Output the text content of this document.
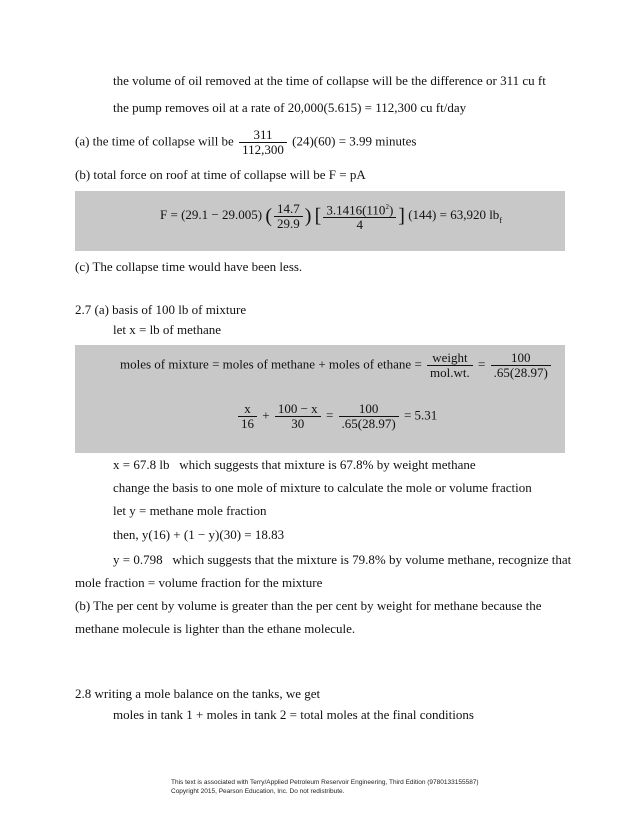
the volume of oil removed at the time of collapse will be the difference or 311 cu ft
the pump removes oil at a rate of 20,000(5.615) = 112,300 cu ft/day
(a) the time of collapse will be $\frac{311}{112,300} (24)(60) = 3.99$ minutes
(b) total force on roof at time of collapse will be F = pA
F = (29.1 − 29.005) ( $\frac{14.7}{29.9}$ ) [ $\frac{3.1416(110^2)}{4}$ ] (144) = 63,920 $lb_f$
(c) The collapse time would have been less.
2.7 (a) basis of 100 lb of mixture
let x = lb of methane
moles of mixture = moles of methane + moles of ethane = $\frac{\text{weight}}{\text{mol.wt.}} = \frac{100}{.65(28.97)}$
$\frac{x}{16} + \frac{100 - x}{30} = \frac{100}{.65(28.97)} = 5.31$
x = 67.8 lb which suggests that mixture is 67.8% by weight methane
change the basis to one mole of mixture to calculate the mole or volume fraction
let y = methane mole fraction
then, y(16) + (1 − y)(30) = 18.83
y = 0.798 which suggests that the mixture is 79.8% by volume methane, recognize that
mole fraction = volume fraction for the mixture
(b) The per cent by volume is greater than the per cent by weight for methane because the
methane molecule is lighter than the ethane molecule.
2.8 writing a mole balance on the tanks, we get
moles in tank 1 + moles in tank 2 = total moles at the final conditions
This text is associated with Terry/Applied Petroleum Reservoir Engineering, Third Edition (9780133155587)
Copyright 2015, Pearson Education, Inc. Do not redistribute.
